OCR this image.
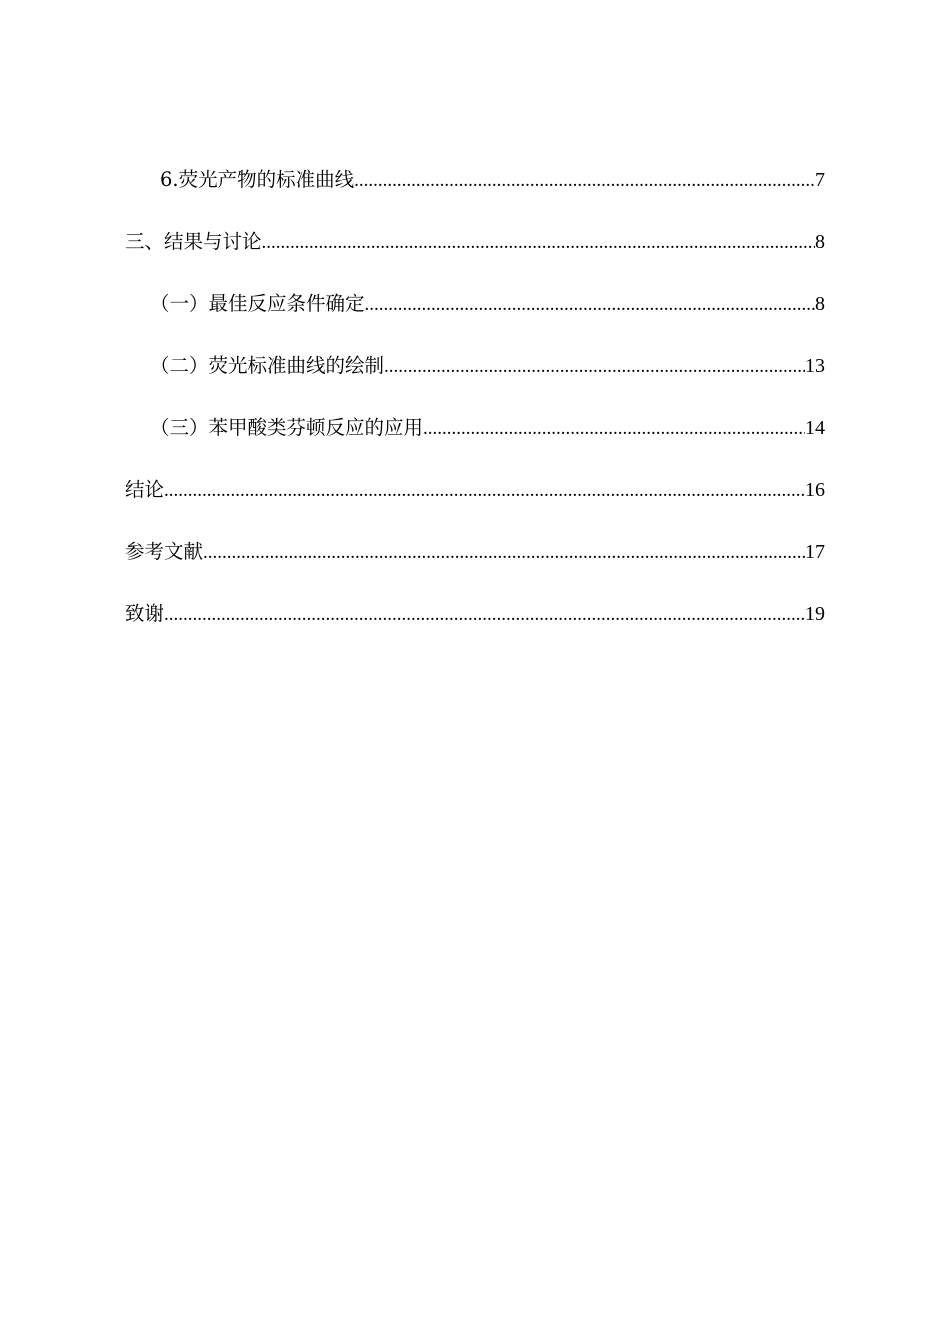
6.荧光产物的标准曲线 .....	7
三、结果与讨论 .....	8
（一）最佳反应条件确定 .....	8
（二）荧光标准曲线的绘制 .....	13
（三）苯甲酸类芬顿反应的应用 .....	14
结论 .....	16
参考文献 .....	17
致谢 .....	19
